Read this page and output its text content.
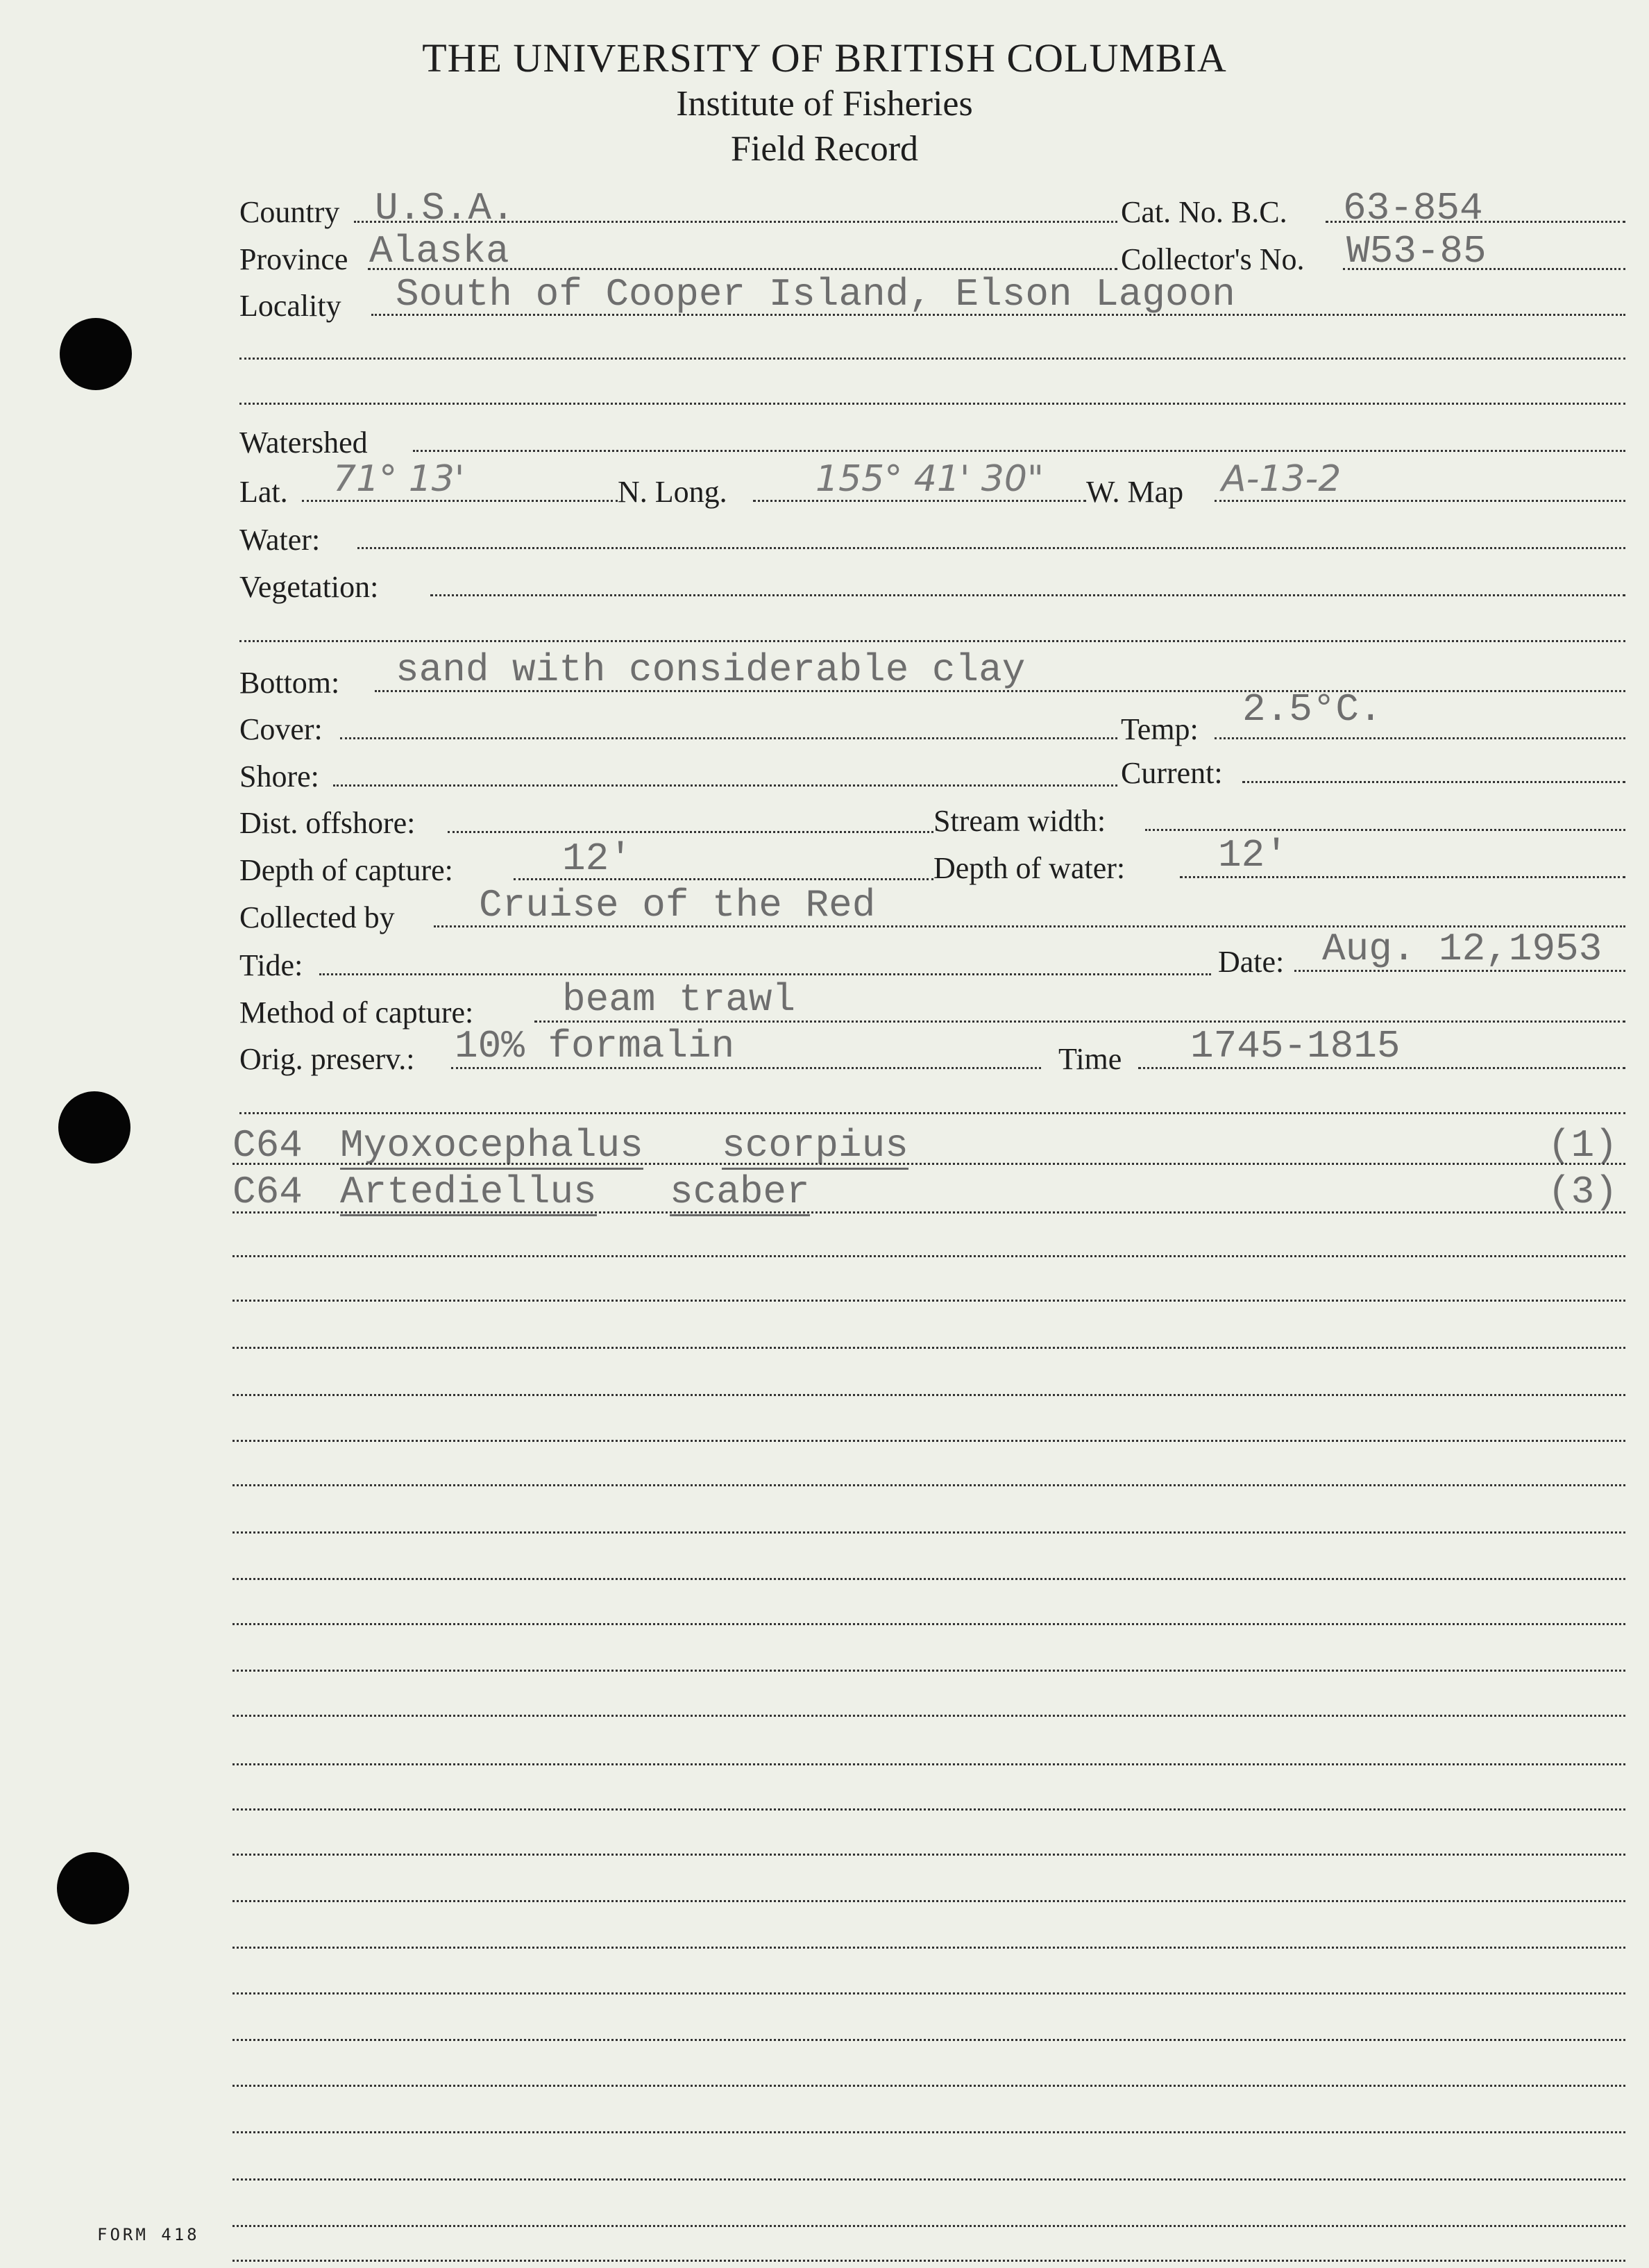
THE UNIVERSITY OF BRITISH COLUMBIA
Institute of Fisheries
Field Record
Country U.S.A.	Cat. No. B.C. 63-854
Province Alaska	Collector's No. W53-85
Locality South of Cooper Island, Elson Lagoon
Watershed
Lat. 71° 13'	N. Long. 155° 41' 30" W. Map A-13-2
Water:
Vegetation:
Bottom: sand with considerable clay
Cover:	Temp: 2.5°C.
Shore:	Current:
Dist. offshore:	Stream width:
Depth of capture:	12'	Depth of water: 12'
Collected by Cruise of the Red
Tide:	Date: Aug. 12,1953
Method of capture: beam trawl
Orig. preserv.: 10% formalin	Time 1745-1815
C64 Myoxocephalus scorpius	(1)
C64 Artediellus scaber	(3)
FORM 418
